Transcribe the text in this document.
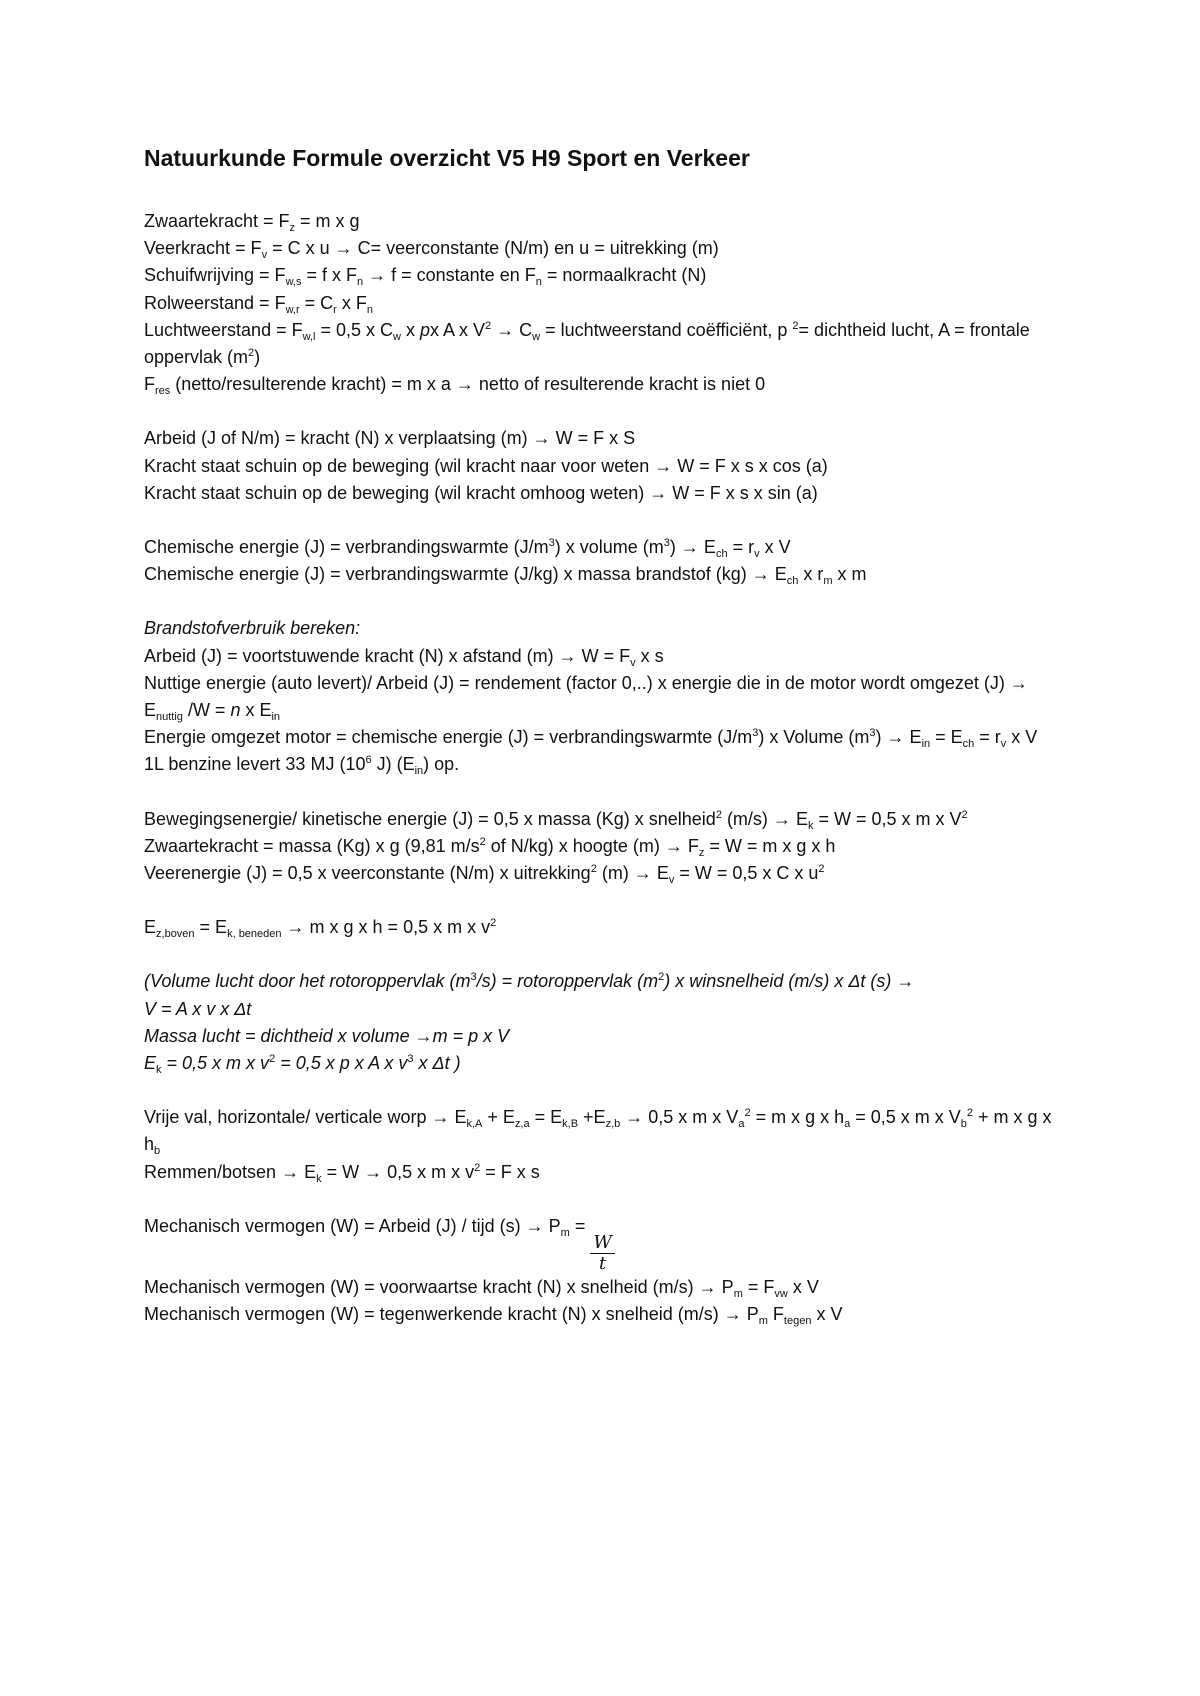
Natuurkunde Formule overzicht V5 H9 Sport en Verkeer
Zwaartekracht = $F_z = m$ x g
Veerkracht = $F_v = C$ x u → C= veerconstante (N/m) en u = uitrekking (m)
Schuifwrijving = $F_{w,s} = f$ x $F_n \to f$ = constante en $F_n$ = normaalkracht (N)
Rolweerstand = $F_{w,r} = C_r$ x $F_n$
Luchtweerstand = $F_{w,l} = 0,5$ x $C_w$ x px A x $V^2 \to C_w$ = luchtweerstand coëfficiënt, p $^2$= dichtheid lucht, A = frontale oppervlak $(m^2)$
$F_{res}$ (netto/resulterende kracht) = m x a → netto of resulterende kracht is niet 0
Arbeid (J of N/m) = kracht (N) x verplaatsing (m) → W = F x S
Kracht staat schuin op de beweging (wil kracht naar voor weten → W = F x s x cos (a)
Kracht staat schuin op de beweging (wil kracht omhoog weten) → W = F x s x sin (a)
Chemische energie (J) = verbrandingswarmte $(J/m^3)$ x volume $(m^3) \to E_{ch} = r_v$ x V
Chemische energie (J) = verbrandingswarmte (J/kg) x massa brandstof $(kg) \to E_{ch}$ x $r_m$ x m
Brandstofverbruik bereken:
Arbeid (J) = voortstuwende kracht (N) x afstand $(m) \to W = F_v$ x s
Nuttige energie (auto levert)/ Arbeid (J) = rendement (factor 0,..) x energie die in de motor wordt omgezet $(J) \to E_{nuttig}$ /W = n x $E_{in}$
Energie omgezet motor = chemische energie (J) = verbrandingswarmte $(J/m^3)$ x Volume $(m^3) \to E_{in} = E_{ch} = r_v$ x V
1L benzine levert 33 MJ ($10^6$ J) $(E_{in})$ op.
Bewegingsenergie/ kinetische energie (J) = 0,5 x massa (Kg) x snelheid$^2$ $(m/s) \to E_k = W = 0,5$ x m x $V^2$
Zwaartekracht = massa (Kg) x g (9,81 $m/s^2$ of N/kg) x hoogte $(m) \to F_z = W = m$ x g x h
Veerenergie (J) = 0,5 x veerconstante (N/m) x uitrekking$^2$ $(m) \to E_v = W = 0,5$ x C x $u^2$
$E_{z,boven} = E_{k, beneden} \to m$ x g x h = 0,5 x m x $v^2$
(Volume lucht door het rotoroppervlak $(m^3/s)$ = rotoroppervlak $(m^2)$ x winsnelheid (m/s) x Δt (s) →
V = A x v x Δt
Massa lucht = dichtheid x volume →m = p x V
$E_k = 0,5$ x m x $v^2 = 0,5$ x p x A x $v^3$ x Δt )
Vrije val, horizontale/ verticale worp → $E_{k,A} + E_{z,a} = E_{k,B} +E_{z,b} \to 0,5$ x m x $V_a^2 = m$ x g x $h_a = 0,5$ x m x $V_b^2 + m$ x g x $h_b$
Remmen/botsen → $E_k = W \to 0,5$ x m x $v^2 = F$ x s
Mechanisch vermogen (W) = Arbeid (J) / tijd $(s) \to P_m$ =
$\frac{W}{t}$
Mechanisch vermogen (W) = voorwaartse kracht (N) x snelheid $(m/s) \to P_m = F_{vw}$ x V
Mechanisch vermogen (W) = tegenwerkende kracht (N) x snelheid $(m/s) \to P_m$ $F_{tegen}$ x V
